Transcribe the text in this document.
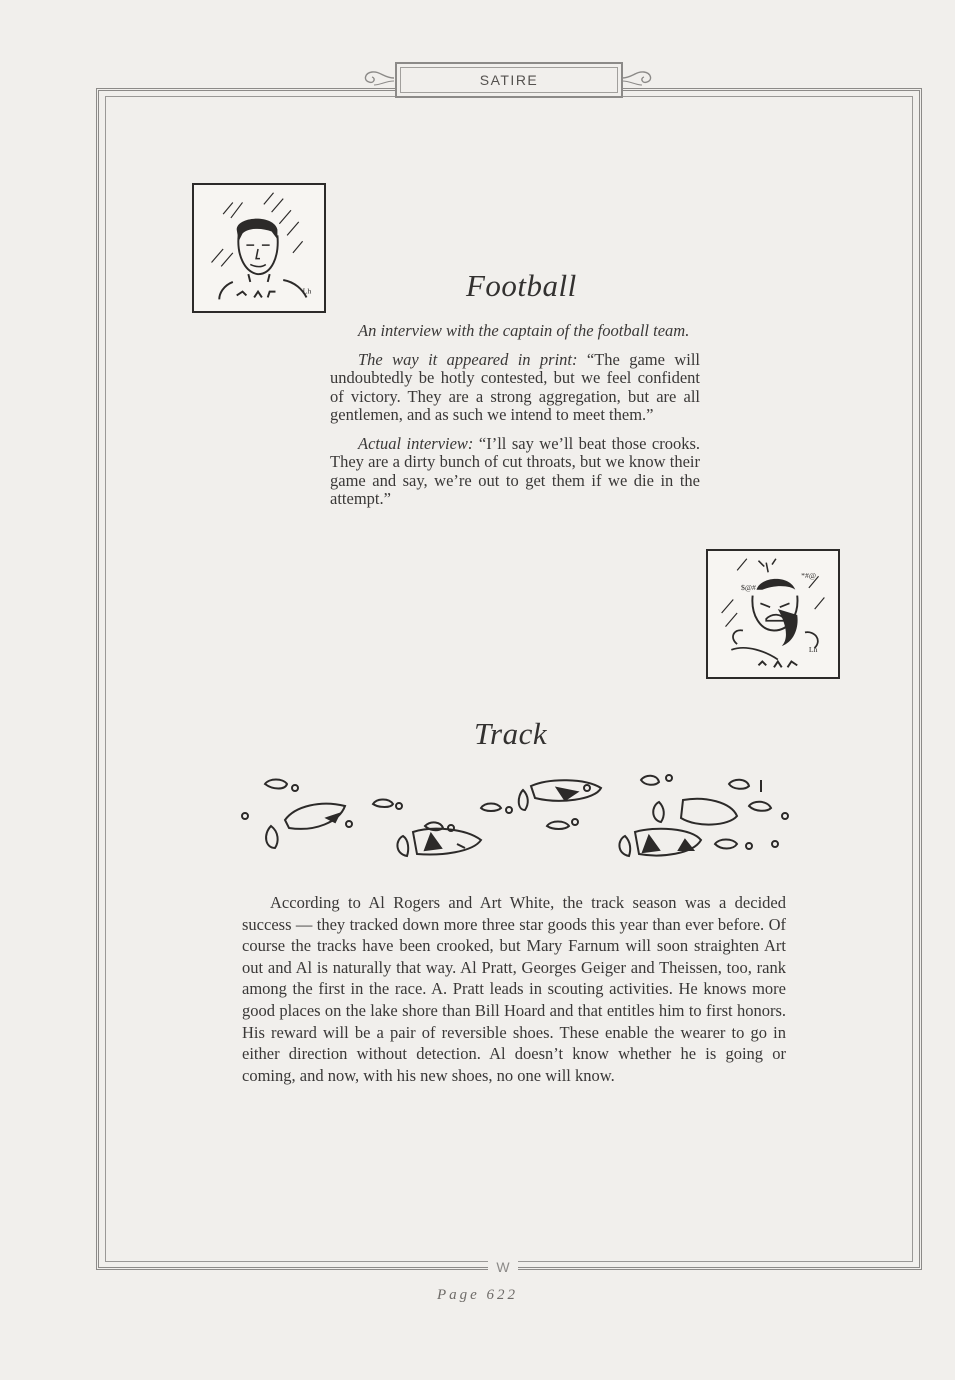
SATIRE
Lh	Football

An interview with the captain of the football team.

The way it appeared in print: “The game will undoubtedly be hotly contested, but we feel confident of victory. They are a strong aggregation, but are all gentlemen, and as such we intend to meet them.”

Actual interview: “I’ll say we’ll beat those crooks. They are a dirty bunch of cut throats, but we know their game and say, we’re out to get them if we die in the attempt.”

$@#
*#@
Lh
Track

According to Al Rogers and Art White, the track season was a decided success — they tracked down more three star goods this year than ever before. Of course the tracks have been crooked, but Mary Farnum will soon straighten Art out and Al is naturally that way. Al Pratt, Georges Geiger and Theissen, too, rank among the first in the race. A. Pratt leads in scouting activities. He knows more good places on the lake shore than Bill Hoard and that entitles him to first honors. His reward will be a pair of reversible shoes. These enable the wearer to go in either direction without detection. Al doesn’t know whether he is going or coming, and now, with his new shoes, no one will know.

W
Page 622
